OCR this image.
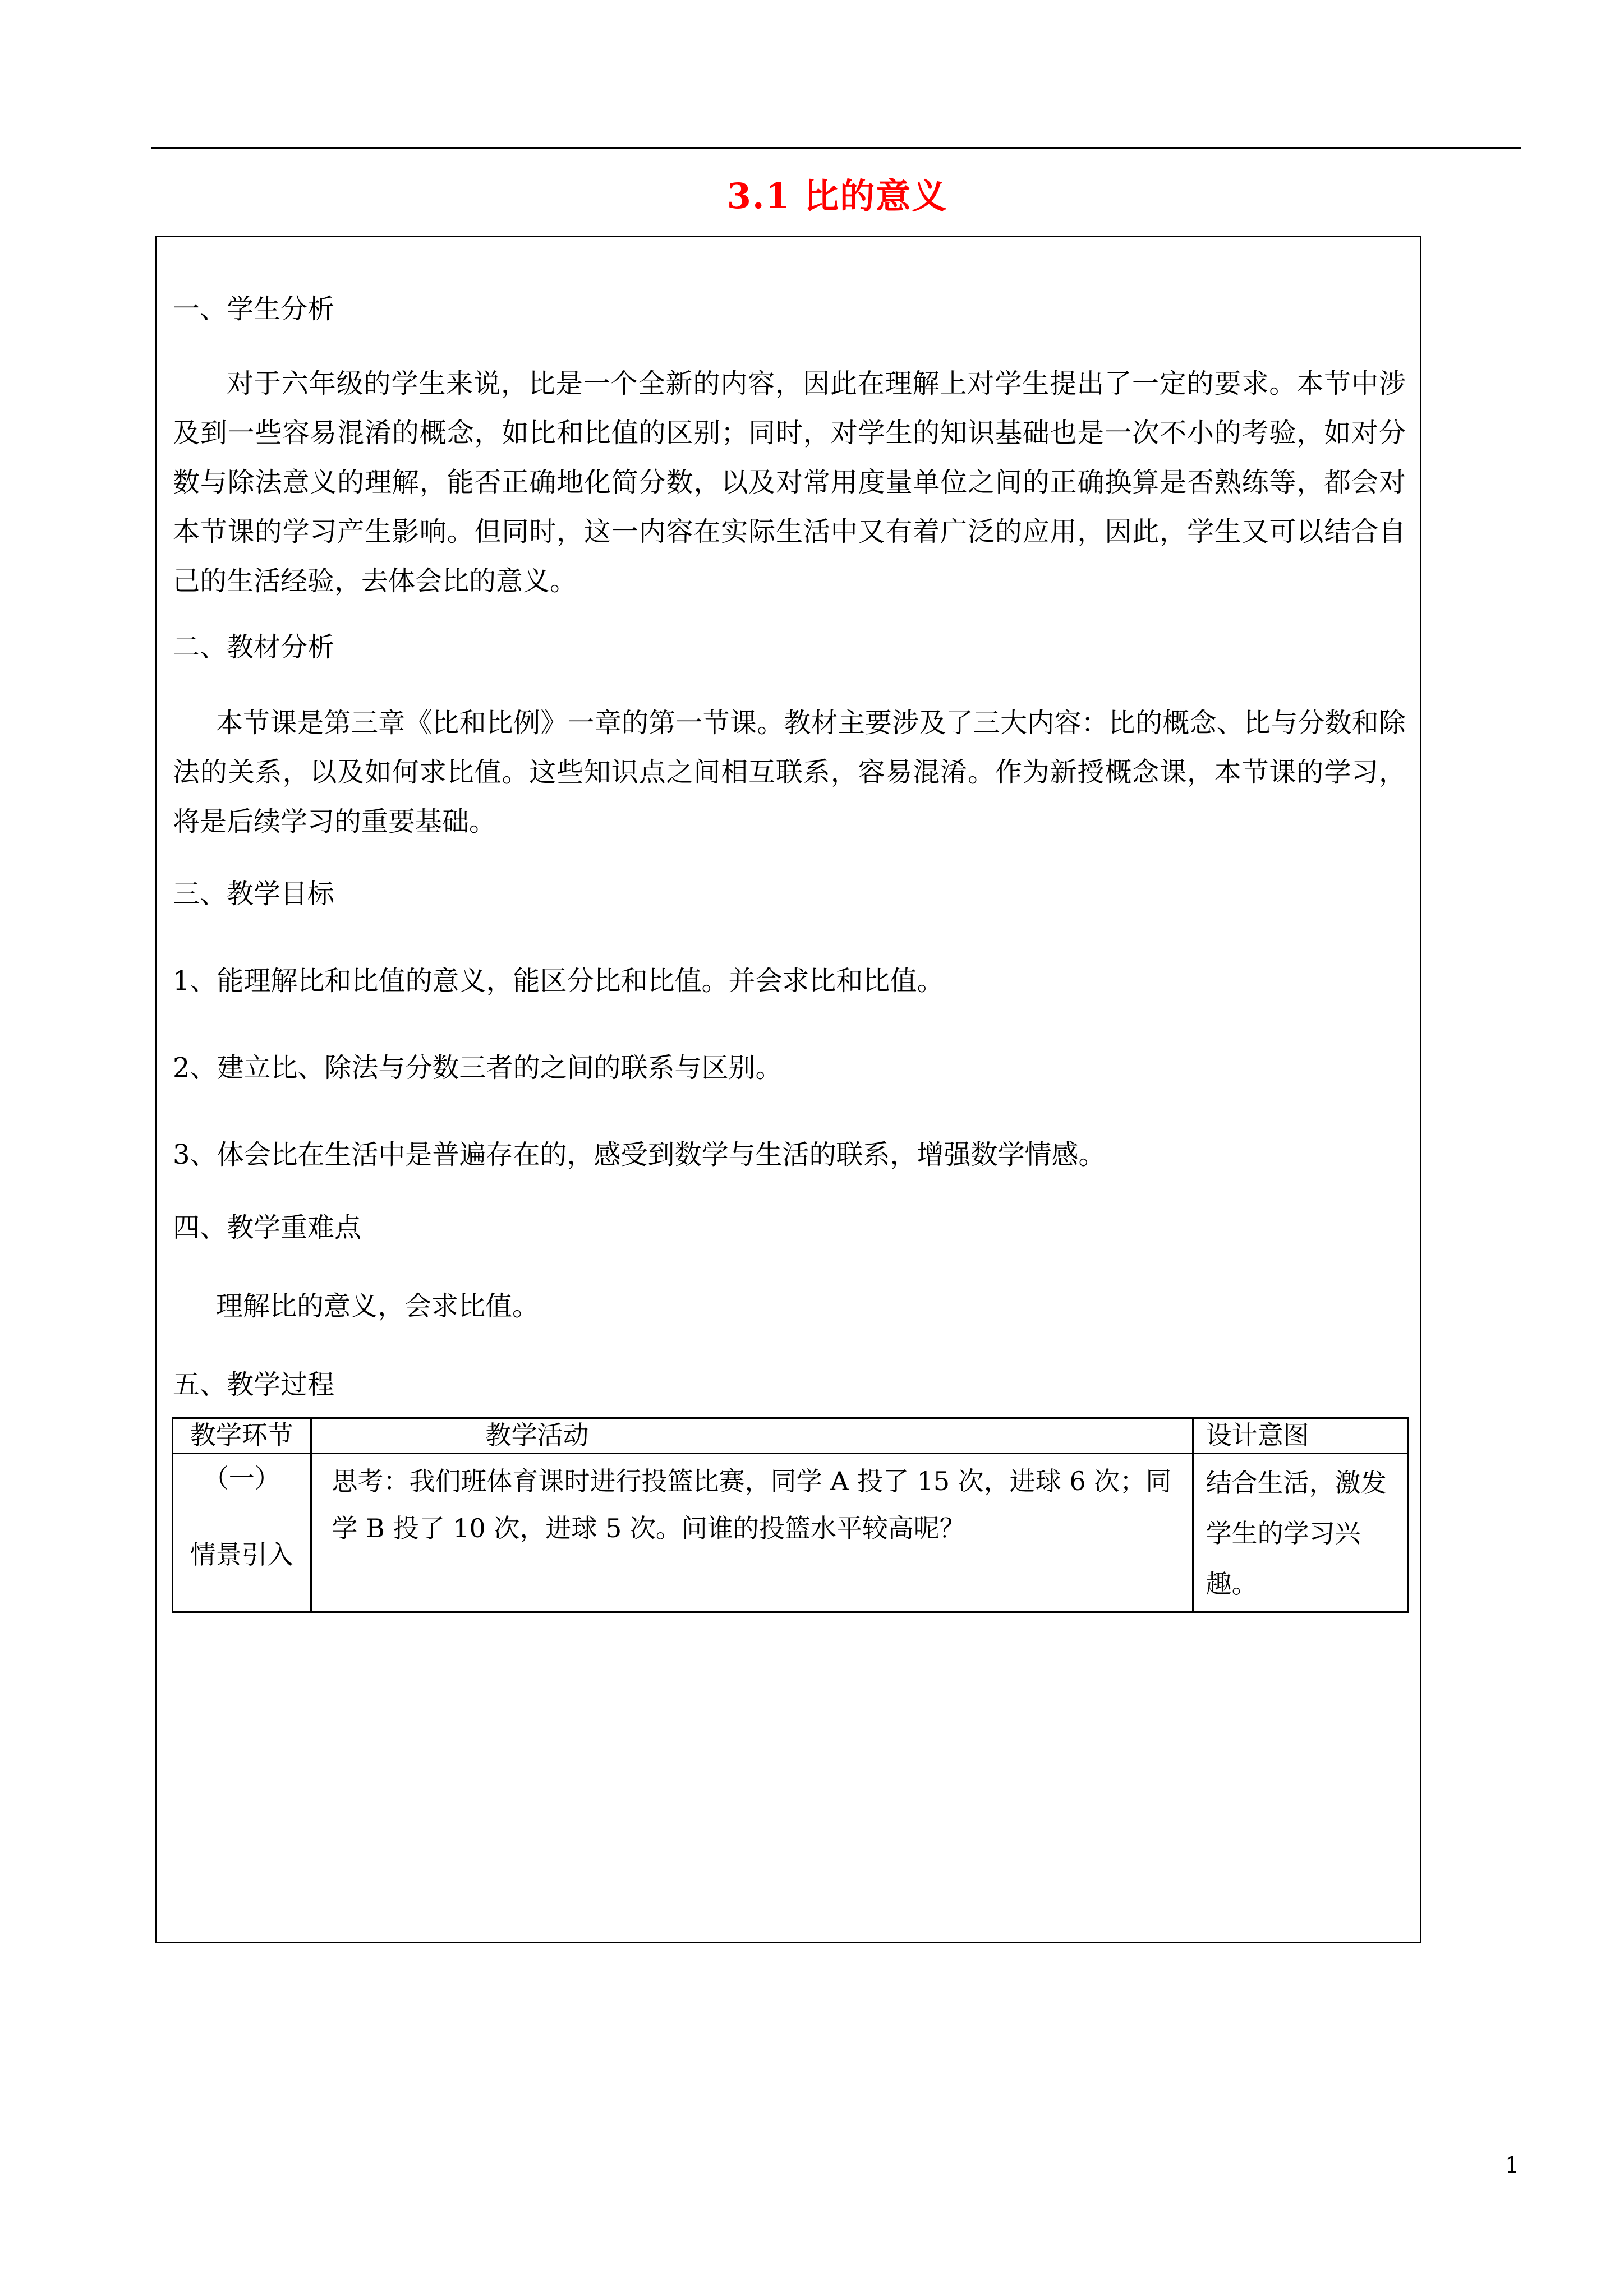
3.1 比的意义
一、学生分析
对于六年级的学生来说，比是一个全新的内容，因此在理解上对学生提出了一定的要求。本节中涉及到一些容易混淆的概念，如比和比值的区别；同时，对学生的知识基础也是一次不小的考验，如对分数与除法意义的理解，能否正确地化简分数，以及对常用度量单位之间的正确换算是否熟练等，都会对本节课的学习产生影响。但同时，这一内容在实际生活中又有着广泛的应用，因此，学生又可以结合自己的生活经验，去体会比的意义。
二、教材分析
本节课是第三章《比和比例》一章的第一节课。教材主要涉及了三大内容：比的概念、比与分数和除法的关系，以及如何求比值。这些知识点之间相互联系，容易混淆。作为新授概念课，本节课的学习，将是后续学习的重要基础。
三、教学目标
1、能理解比和比值的意义，能区分比和比值。并会求比和比值。
2、建立比、除法与分数三者的之间的联系与区别。
3、体会比在生活中是普遍存在的，感受到数学与生活的联系，增强数学情感。
四、教学重难点
理解比的意义，会求比值。
五、教学过程
教学环节	教学活动	设计意图

（一）
情景引入	思考：我们班体育课时进行投篮比赛，同学 A 投了 15 次，进球 6 次；同学 B 投了 10 次，进球 5 次。问谁的投篮水平较高呢？	结合生活，激发学生的学习兴趣。
1
